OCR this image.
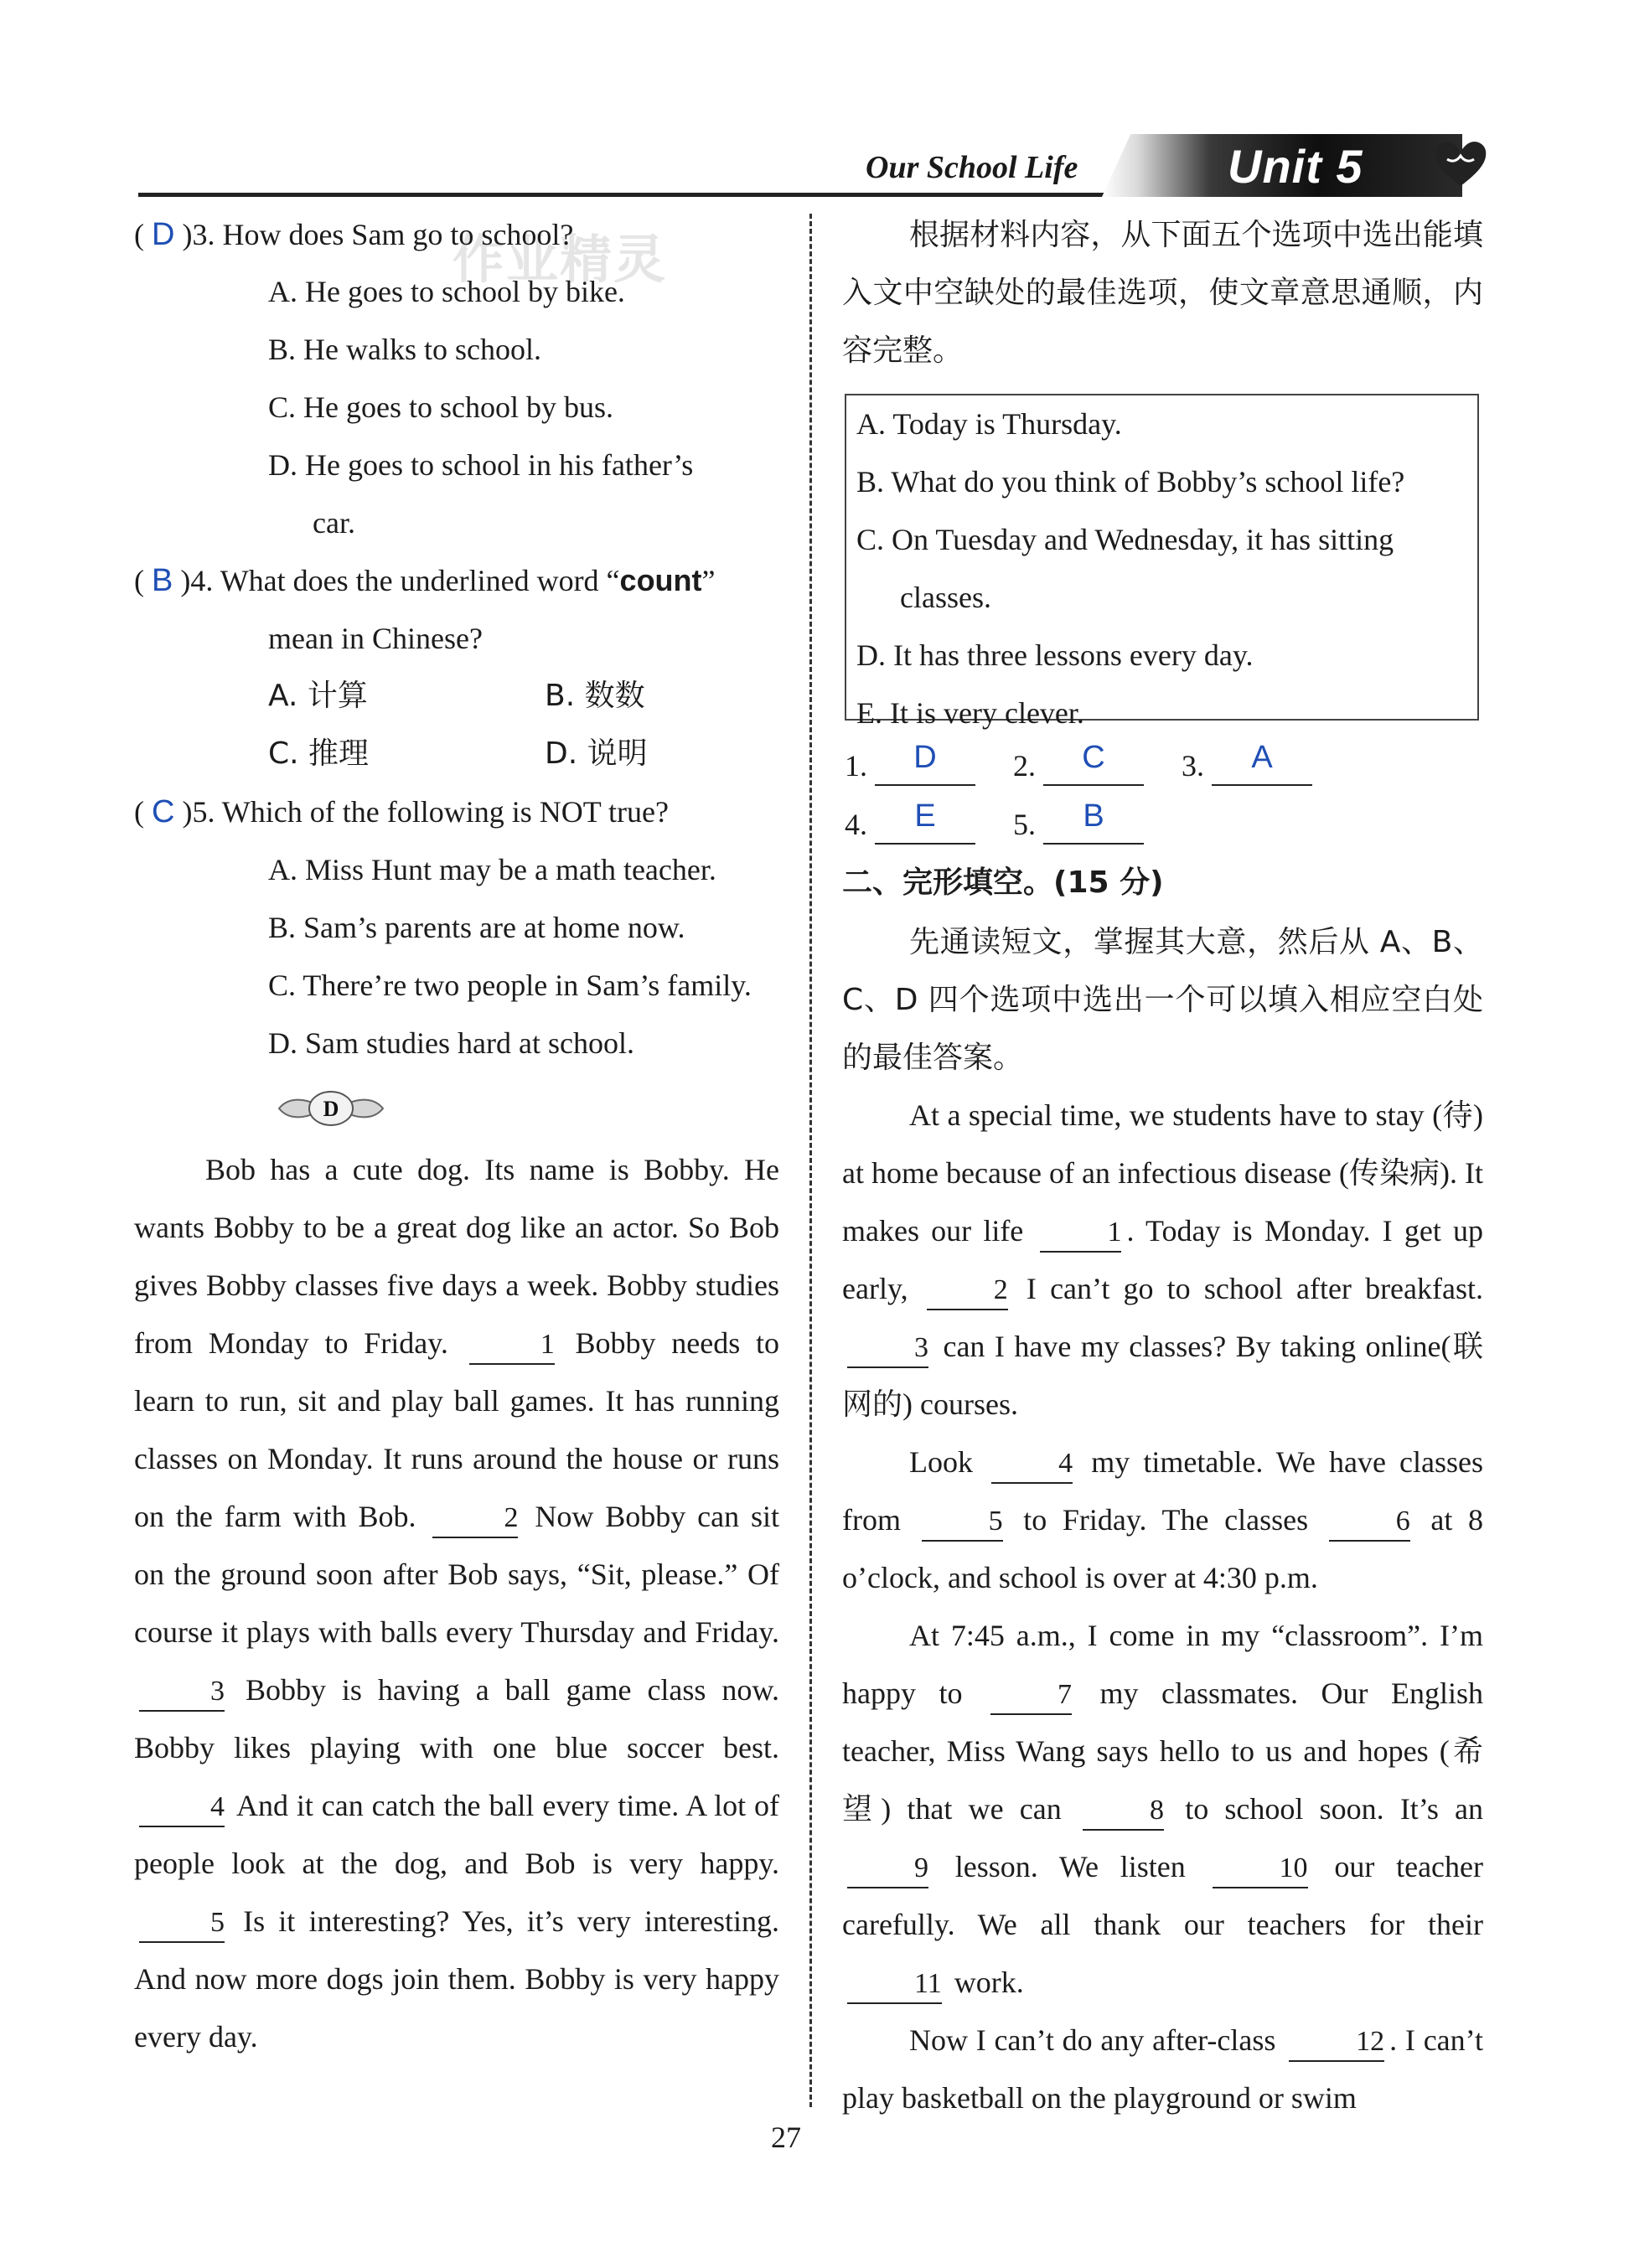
Our School Life	Unit 5
作业精灵
( D )3. How does Sam go to school?
A. He goes to school by bike.
B. He walks to school.
C. He goes to school by bus.
D. He goes to school in his father’s
car.
( B )4. What does the underlined word “count”
mean in Chinese?
A. 计算	B. 数数
C. 推理	D. 说明
( C )5. Which of the following is NOT true?
A. Miss Hunt may be a math teacher.
B. Sam’s parents are at home now.
C. There’re two people in Sam’s family.
D. Sam studies hard at school.
D

Bob has a cute dog. Its name is Bobby. He wants Bobby to be a great dog like an actor. So Bob gives Bobby classes five days a week. Bobby studies from Monday to Friday.	1 Bobby needs to learn to run, sit and play ball games. It has running classes on Monday. It runs around the house or runs on the farm with Bob.	2 Now Bobby can sit on the ground soon after Bob says, “Sit, please.” Of course it plays with balls every Thursday and Friday. 3 Bobby is having a ball game class now. Bobby likes playing with one blue soccer best. 4 And it can catch the ball every time. A lot of people look at the dog, and Bob is very happy. 5 Is it interesting? Yes, it’s very interesting. And now more dogs join them. Bobby is very happy every day.

根据材料内容，从下面五个选项中选出能填入文中空缺处的最佳选项，使文章意思通顺，内容完整。
A. Today is Thursday.
B. What do you think of Bobby’s school life?
C. On Tuesday and Wednesday, it has sitting
classes.
D. It has three lessons every day.
E. It is very clever.
1.	D	2.	C	3.	A
4.	E	5.	B
二、完形填空。(15 分)
先通读短文，掌握其大意，然后从 A、B、C、D 四个选项中选出一个可以填入相应空白处的最佳答案。

At a special time, we students have to stay (待) at home because of an infectious disease (传染病). It makes our life	1 . Today is Monday. I get up early,	2 I can’t go to school after breakfast. 3 can I have my classes? By taking online(联网的) courses.

Look	4 my timetable. We have classes from	5 to Friday. The classes	6 at 8 o’clock, and school is over at 4:30 p.m.

At 7:45 a.m., I come in my “classroom”. I’m happy to	7 my classmates. Our English teacher, Miss Wang says hello to us and hopes (希望) that we can	8 to school soon. It’s an 9 lesson. We listen	10 our teacher carefully. We all thank our teachers for their 11 work.

Now I can’t do any after-class	12 . I can’t play basketball on the playground or swim

27
